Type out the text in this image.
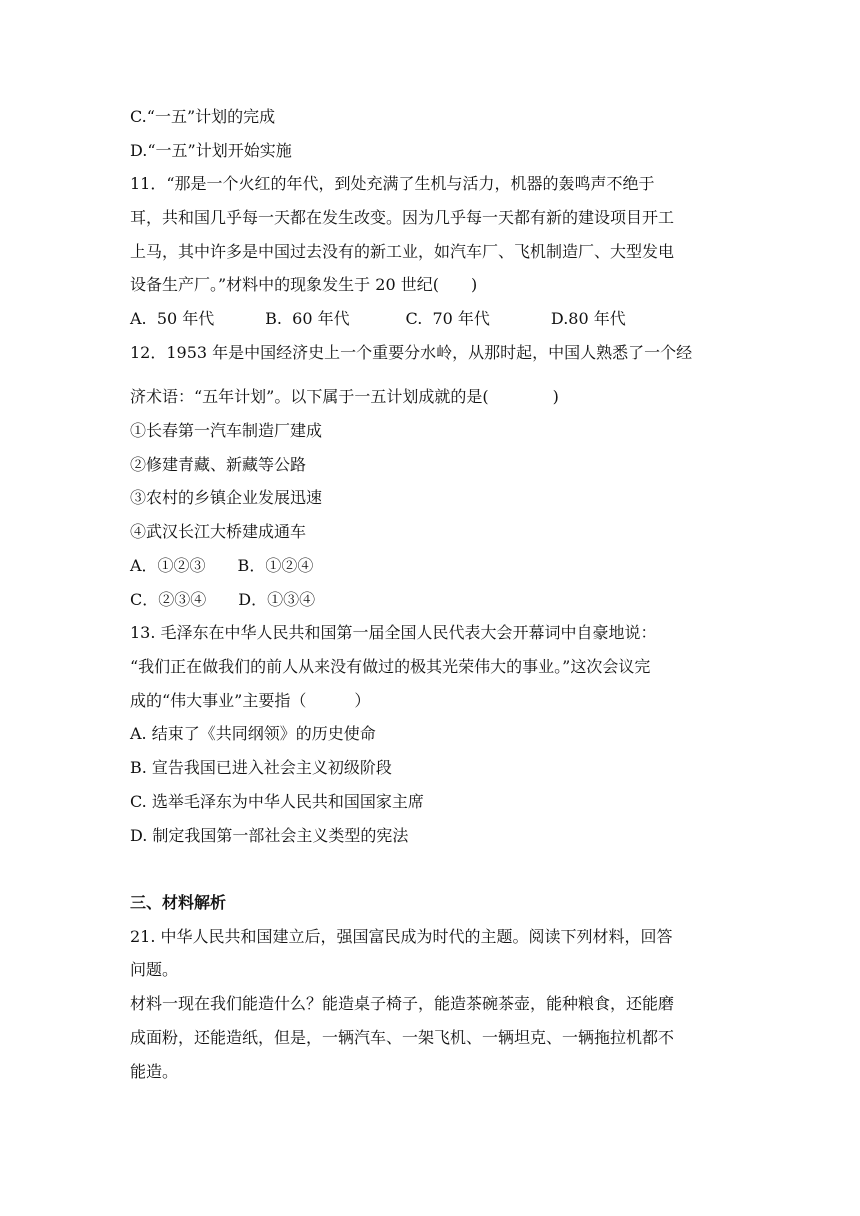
C.“一五”计划的完成
D.“一五”计划开始实施
11．“那是一个火红的年代，到处充满了生机与活力，机器的轰鸣声不绝于
耳，共和国几乎每一天都在发生改变。因为几乎每一天都有新的建设项目开工
上马，其中许多是中国过去没有的新工业，如汽车厂、飞机制造厂、大型发电
设备生产厂。”材料中的现象发生于 20 世纪(　　)
A.  50 年代          B.  60 年代           C.  70 年代            D.80 年代
12．1953 年是中国经济史上一个重要分水岭，从那时起，中国人熟悉了一个经
济术语：“五年计划”。以下属于一五计划成就的是(　　　　)
①长春第一汽车制造厂建成
②修建青藏、新藏等公路
③农村的乡镇企业发展迅速
④武汉长江大桥建成通车
A．①②③　　B．①②④
C．②③④　　D．①③④
13. 毛泽东在中华人民共和国第一届全国人民代表大会开幕词中自豪地说：
“我们正在做我们的前人从来没有做过的极其光荣伟大的事业。”这次会议完
成的“伟大事业”主要指（　　　）
A. 结束了《共同纲领》的历史使命
B. 宣告我国已进入社会主义初级阶段
C. 选举毛泽东为中华人民共和国国家主席
D. 制定我国第一部社会主义类型的宪法
三、材料解析
21. 中华人民共和国建立后，强国富民成为时代的主题。阅读下列材料，回答
问题。
材料一现在我们能造什么？能造桌子椅子，能造茶碗茶壶，能种粮食，还能磨
成面粉，还能造纸，但是，一辆汽车、一架飞机、一辆坦克、一辆拖拉机都不
能造。
